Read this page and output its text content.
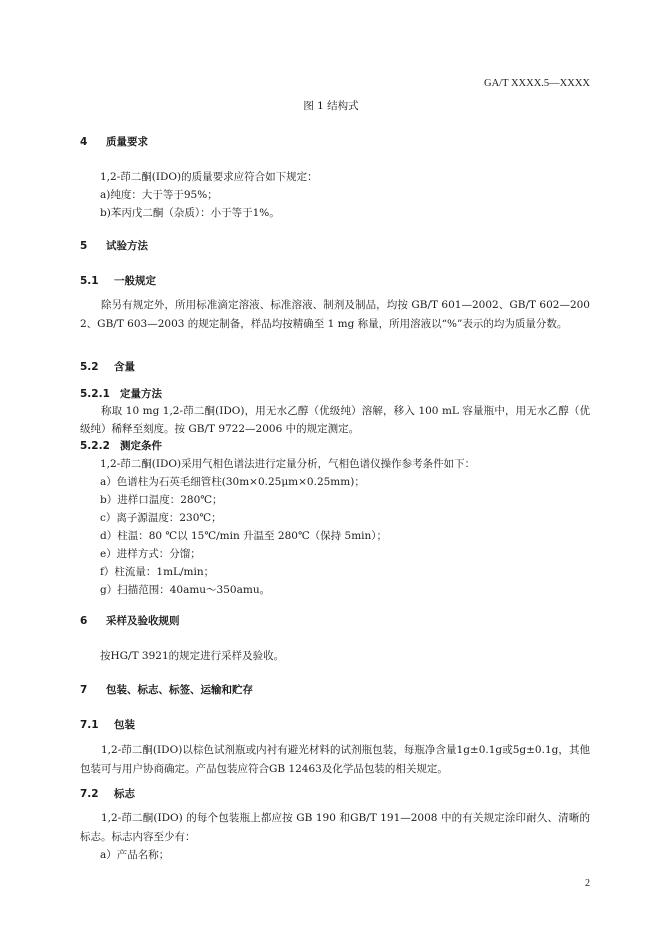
GA/T XXXX.5—XXXX
图 1 结构式
4 质量要求
1,2-茚二酮(IDO)的质量要求应符合如下规定：
a)纯度：大于等于95%；
b)苯丙戊二酮（杂质）：小于等于1%。
5 试验方法
5.1 一般规定
除另有规定外，所用标准滴定溶液、标准溶液、制剂及制品，均按 GB/T 601—2002、GB/T 602—2002、GB/T 603—2003 的规定制备，样品均按精确至 1 mg 称量，所用溶液以“%”表示的均为质量分数。
5.2 含量
5.2.1 定量方法
称取 10 mg 1,2-茚二酮(IDO)，用无水乙醇（优级纯）溶解，移入 100 mL 容量瓶中，用无水乙醇（优级纯）稀释至刻度。按 GB/T 9722—2006 中的规定测定。
5.2.2 测定条件
1,2-茚二酮(IDO)采用气相色谱法进行定量分析，气相色谱仪操作参考条件如下：
a）色谱柱为石英毛细管柱(30m×0.25μm×0.25mm)；
b）进样口温度：280℃；
c）离子源温度：230℃；
d）柱温：80 ℃以 15℃/min 升温至 280℃（保持 5min）；
e）进样方式：分馏；
f）柱流量：1mL/min；
g）扫描范围：40amu～350amu。
6 采样及验收规则
按HG/T 3921的规定进行采样及验收。
7 包装、标志、标签、运输和贮存
7.1 包装
1,2-茚二酮(IDO)以棕色试剂瓶或内衬有避光材料的试剂瓶包装，每瓶净含量1g±0.1g或5g±0.1g，其他包装可与用户协商确定。产品包装应符合GB 12463及化学品包装的相关规定。
7.2 标志
1,2-茚二酮(IDO) 的每个包装瓶上都应按 GB 190 和GB/T 191—2008 中的有关规定涂印耐久、清晰的标志。标志内容至少有：
a）产品名称；
2
